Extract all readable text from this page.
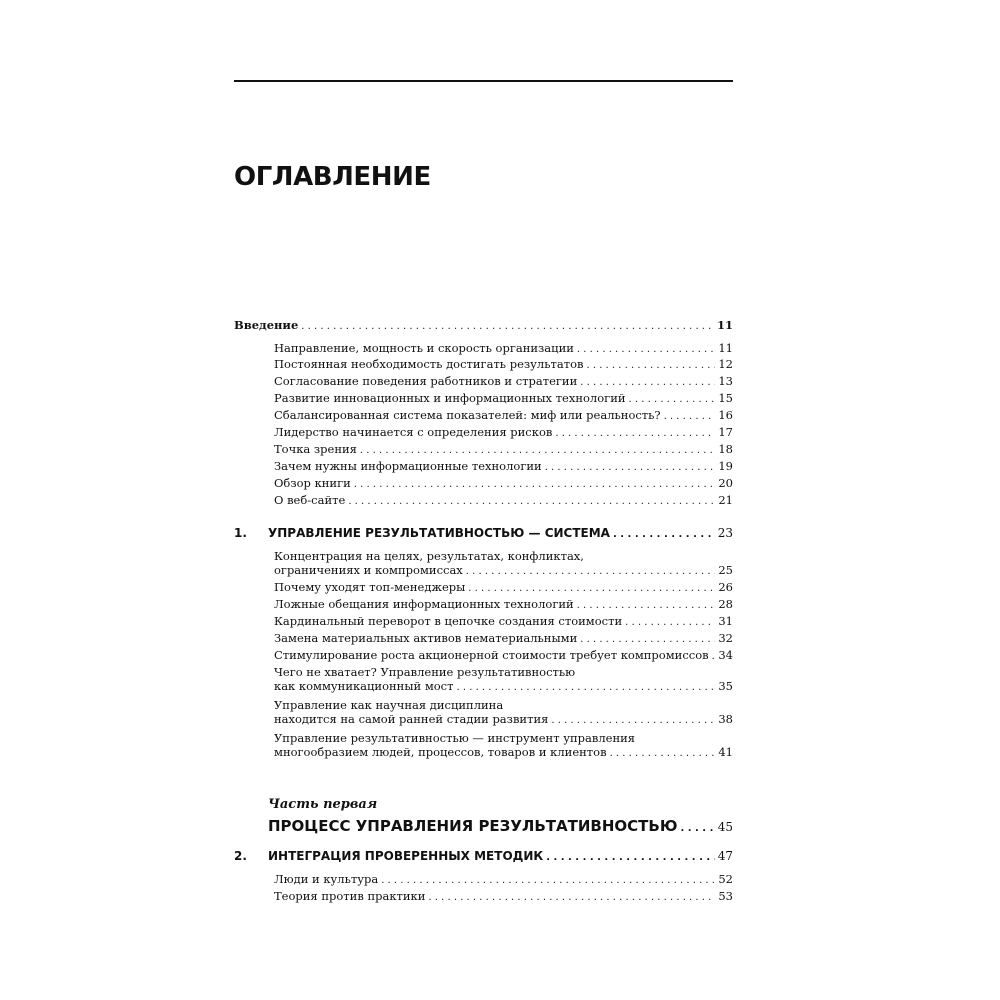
ОГЛАВЛЕНИЕ
Введение . . .	11
Направление, мощность и скорость организации . . .	11
Постоянная необходимость достигать результатов . . .	12
Согласование поведения работников и стратегии . . .	13
Развитие инновационных и информационных технологий . . .	15
Сбалансированная система показателей: миф или реальность? . . .	16
Лидерство начинается с определения рисков . . .	17
Точка зрения . . .	18
Зачем нужны информационные технологии . . .	19
Обзор книги . . .	20
О веб-сайте . . .	21
1. УПРАВЛЕНИЕ РЕЗУЛЬТАТИВНОСТЬЮ — СИСТЕМА . . .	23
Концентрация на целях, результатах, конфликтах,
ограничениях и компромиссах . . .	25
Почему уходят топ-менеджеры . . .	26
Ложные обещания информационных технологий . . .	28
Кардинальный переворот в цепочке создания стоимости . . .	31
Замена материальных активов нематериальными . . .	32
Стимулирование роста акционерной стоимости требует компромиссов . . . 34
Чего не хватает? Управление результативностью
как коммуникационный мост . . .	35
Управление как научная дисциплина
находится на самой ранней стадии развития . . .	38
Управление результативностью — инструмент управления
многообразием людей, процессов, товаров и клиентов . . .	41
Часть первая
ПРОЦЕСС УПРАВЛЕНИЯ РЕЗУЛЬТАТИВНОСТЬЮ . . .	45
2. ИНТЕГРАЦИЯ ПРОВЕРЕННЫХ МЕТОДИК . . .	47
Люди и культура . . .	52
Теория против практики . . .	53
